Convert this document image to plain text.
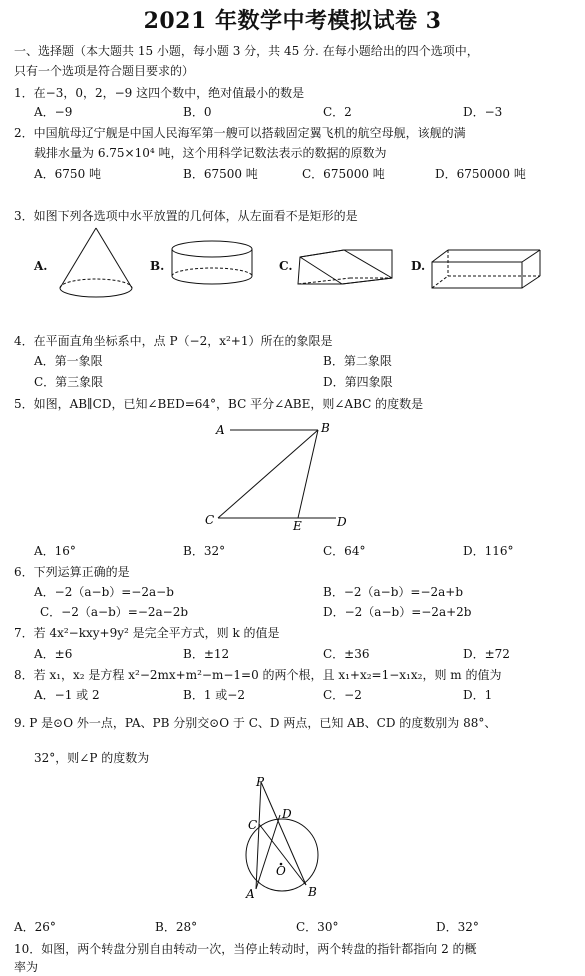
2021 年数学中考模拟试卷 3
一、选择题（本大题共 15 小题，每小题 3 分，共 45 分. 在每小题给出的四个选项中，
只有一个选项是符合题目要求的）
1．在−3，0，2，−9 这四个数中，绝对值最小的数是
A．−9	B．0	C．2	D．−3
2．中国航母辽宁舰是中国人民海军第一艘可以搭载固定翼飞机的航空母舰，该舰的满
载排水量为 6.75×10⁴ 吨，这个用科学记数法表示的数据的原数为
A．6750 吨	B．67500 吨	C．675000 吨	D．6750000 吨
3．如图下列各选项中水平放置的几何体，从左面看不是矩形的是
A.	B.	C.	D.
4．在平面直角坐标系中，点 P（−2，x²+1）所在的象限是
A．第一象限	B．第二象限
C．第三象限	D．第四象限
5．如图，AB∥CD，已知∠BED=64°，BC 平分∠ABE，则∠ABC 的度数是
A	B
C	E	D
A．16°	B．32°	C．64°	D．116°
6．下列运算正确的是
A．−2（a−b）=−2a−b	B．−2（a−b）=−2a+b
C．−2（a−b）=−2a−2b	D．−2（a−b）=−2a+2b
7．若 4x²−kxy+9y² 是完全平方式，则 k 的值是
A．±6	B．±12	C．±36	D．±72
8．若 x₁，x₂ 是方程 x²−2mx+m²−m−1=0 的两个根，且 x₁+x₂=1−x₁x₂，则 m 的值为
A．−1 或 2	B．1 或−2	C．−2	D．1
9. P 是⊙O 外一点，PA、PB 分别交⊙O 于 C、D 两点，已知 AB、CD 的度数别为 88°、
32°，则∠P 的度数为
P
C
D
O
A	B
A．26°	B．28°	C．30°	D．32°
10．如图，两个转盘分别自由转动一次，当停止转动时，两个转盘的指针都指向 2 的概
率为
